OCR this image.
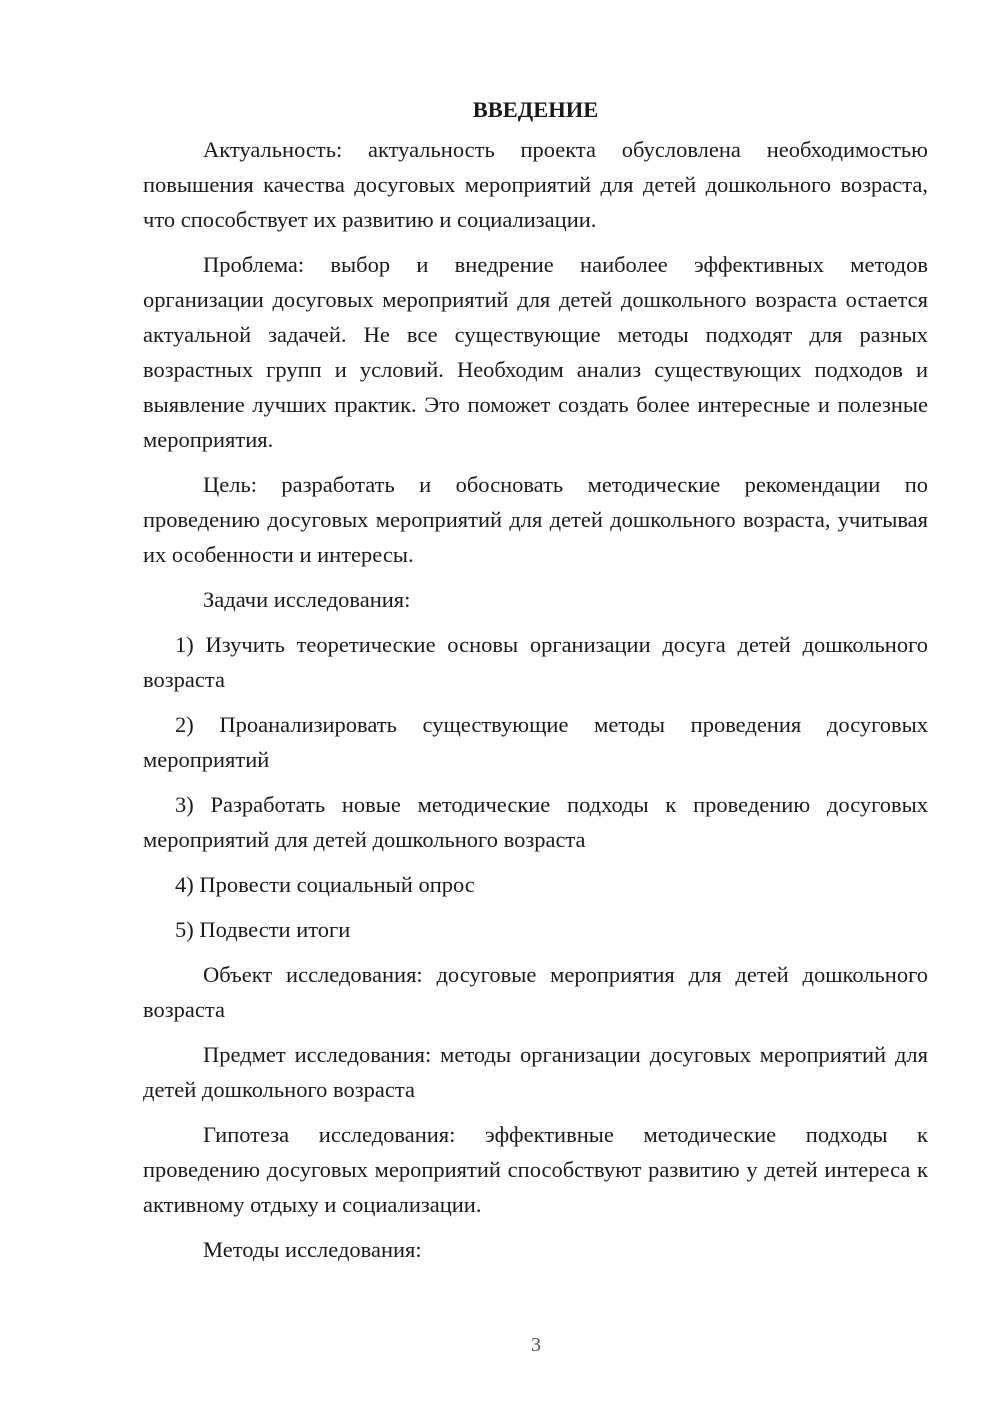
ВВЕДЕНИЕ
Актуальность: актуальность проекта обусловлена необходимостью повышения качества досуговых мероприятий для детей дошкольного возраста, что способствует их развитию и социализации.
Проблема: выбор и внедрение наиболее эффективных методов организации досуговых мероприятий для детей дошкольного возраста остается актуальной задачей. Не все существующие методы подходят для разных возрастных групп и условий. Необходим анализ существующих подходов и выявление лучших практик. Это поможет создать более интересные и полезные мероприятия.
Цель: разработать и обосновать методические рекомендации по проведению досуговых мероприятий для детей дошкольного возраста, учитывая их особенности и интересы.
Задачи исследования:
1) Изучить теоретические основы организации досуга детей дошкольного возраста
2) Проанализировать существующие методы проведения досуговых мероприятий
3) Разработать новые методические подходы к проведению досуговых мероприятий для детей дошкольного возраста
4) Провести социальный опрос
5) Подвести итоги
Объект исследования: досуговые мероприятия для детей дошкольного возраста
Предмет исследования: методы организации досуговых мероприятий для детей дошкольного возраста
Гипотеза исследования: эффективные методические подходы к проведению досуговых мероприятий способствуют развитию у детей интереса к активному отдыху и социализации.
Методы исследования:
3
